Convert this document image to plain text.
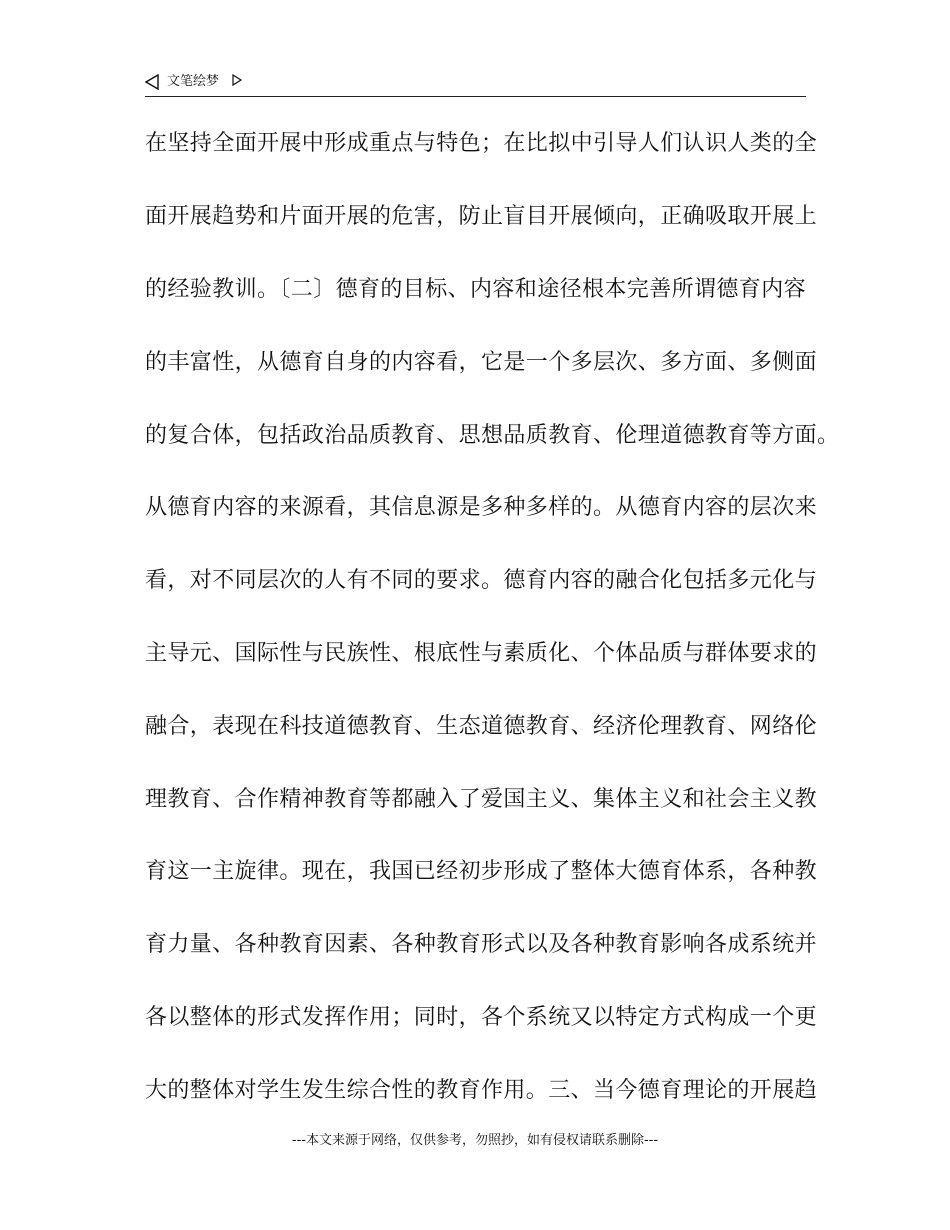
文笔绘梦
在坚持全面开展中形成重点与特色；在比拟中引导人们认识人类的全
面开展趋势和片面开展的危害，防止盲目开展倾向，正确吸取开展上
的经验教训。〔二〕德育的目标、内容和途径根本完善所谓德育内容
的丰富性，从德育自身的内容看，它是一个多层次、多方面、多侧面
的复合体，包括政治品质教育、思想品质教育、伦理道德教育等方面。
从德育内容的来源看，其信息源是多种多样的。从德育内容的层次来
看，对不同层次的人有不同的要求。德育内容的融合化包括多元化与
主导元、国际性与民族性、根底性与素质化、个体品质与群体要求的
融合，表现在科技道德教育、生态道德教育、经济伦理教育、网络伦
理教育、合作精神教育等都融入了爱国主义、集体主义和社会主义教
育这一主旋律。现在，我国已经初步形成了整体大德育体系，各种教
育力量、各种教育因素、各种教育形式以及各种教育影响各成系统并
各以整体的形式发挥作用；同时，各个系统又以特定方式构成一个更
大的整体对学生发生综合性的教育作用。三、当今德育理论的开展趋
---本文来源于网络，仅供参考，勿照抄，如有侵权请联系删除---
